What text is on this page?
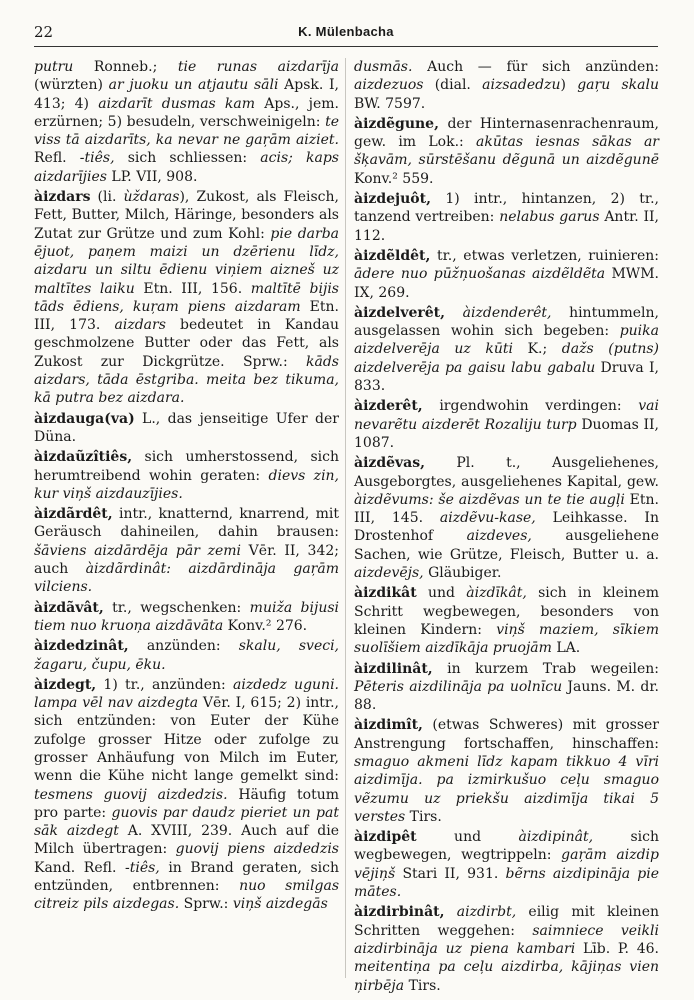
22	K. Mülenbacha

putru Ronneb.; tie runas aizdarīja (würzten) ar juoku un atjautu sāli Apsk. I, 413; 4) aizdarīt dusmas kam Aps., jem. erzürnen; 5) besudeln, verschweinigeln: te viss tā aizdarīts, ka nevar ne gaŗām aiziet. Refl. -tiês, sich schliessen: acis; kaps aizdarījies LP. VII, 908.

àizdars (li. ùždaras), Zukost, als Fleisch, Fett, Butter, Milch, Häringe, besonders als Zutat zur Grütze und zum Kohl: pie darba ējuot, paņem maizi un dzērienu līdz, aizdaru un siltu ēdienu viņiem aizneš uz maltītes laiku Etn. III, 156. maltītē bijis tāds ēdiens, kuŗam piens aizdaram Etn. III, 173. aizdars bedeutet in Kandau geschmolzene Butter oder das Fett, als Zukost zur Dickgrütze. Sprw.: kāds aizdars, tāda ēstgriba. meita bez tikuma, kā putra bez aizdara.

àizdauga(va) L., das jenseitige Ufer der Düna.

àizdaũzîtiês, sich umherstossend, sich herumtreibend wohin geraten: dievs zin, kur viņš aizdauzījies.

àizdãrdêt, intr., knatternd, knarrend, mit Geräusch dahineilen, dahin brausen: šāviens aizdārdēja pār zemi Vēr. II, 342; auch àizdãrdinât: aizdārdināja gaŗām vilciens.

àizdãvât, tr., wegschenken: muiža bijusi tiem nuo kruoņa aizdāvāta Konv.² 276.

àizdedzinât, anzünden: skalu, sveci, žagaru, čupu, ēku.

àizdegt, 1) tr., anzünden: aizdedz uguni. lampa vēl nav aizdegta Vēr. I, 615; 2) intr., sich entzünden: von Euter der Kühe zufolge grosser Hitze oder zufolge zu grosser Anhäufung von Milch im Euter, wenn die Kühe nicht lange gemelkt sind: tesmens guovij aizdedzis. Häufig totum pro parte: guovis par daudz pieriet un pat sāk aizdegt A. XVIII, 239. Auch auf die Milch übertragen: guovij piens aizdedzis Kand. Refl. -tiês, in Brand geraten, sich entzünden, entbrennen: nuo smilgas citreiz pils aizdegas. Sprw.: viņš aizdegās

dusmās. Auch — für sich anzünden: aizdezuos (dial. aizsadedzu) gaŗu skalu BW. 7597.

àizdẽgune, der Hinternasenrachenraum, gew. im Lok.: akūtas iesnas sākas ar šķavām, sūrstēšanu dẽgunā un aizdẽgunē Konv.² 559.

àizdejuôt, 1) intr., hintanzen, 2) tr., tanzend vertreiben: nelabus garus Antr. II, 112.

àizdẽldêt, tr., etwas verletzen, ruinieren: ādere nuo pūžņuošanas aizdẽldẽta MWM. IX, 269.

àizdelverêt, àizdenderêt, hintummeln, ausgelassen wohin sich begeben: puika aizdelverēja uz kūti K.; dažs (putns) aizdelverēja pa gaisu labu gabalu Druva I, 833.

àizderêt, irgendwohin verdingen: vai nevarẽtu aizderēt Rozaliju turp Duomas II, 1087.

àizdẽvas, Pl. t., Ausgeliehenes, Ausgeborgtes, ausgeliehenes Kapital, gew. àizdẽvums: še aizdẽvas un te tie augļi Etn. III, 145. aizdẽvu-kase, Leihkasse. In Drostenhof aizdeves, ausgeliehene Sachen, wie Grütze, Fleisch, Butter u. a. aizdevējs, Gläubiger.

àizdikât und àizdīkât, sich in kleinem Schritt wegbewegen, besonders von kleinen Kindern: viņš maziem, sīkiem suolīšiem aizdīkāja pruojām LA.

àizdilinât, in kurzem Trab wegeilen: Pēteris aizdilināja pa uolnīcu Jauns. M. dr. 88.

àizdimît, (etwas Schweres) mit grosser Anstrengung fortschaffen, hinschaffen: smaguo akmeni līdz kapam tikkuo 4 vīri aizdimīja. pa izmirkušuo ceļu smaguo vẽzumu uz priekšu aizdimīja tikai 5 verstes Tirs.

àizdipêt und àizdipinât, sich wegbewegen, wegtrippeln: gaŗām aizdip vējiņš Stari II, 931. bẽrns aizdipināja pie mātes.

àizdirbinât, aizdirbt, eilig mit kleinen Schritten weggehen: saimniece veikli aizdirbināja uz piena kambari Līb. P. 46. meitentiņa pa ceļu aizdirba, kājiņas vien ņirbēja Tirs.
